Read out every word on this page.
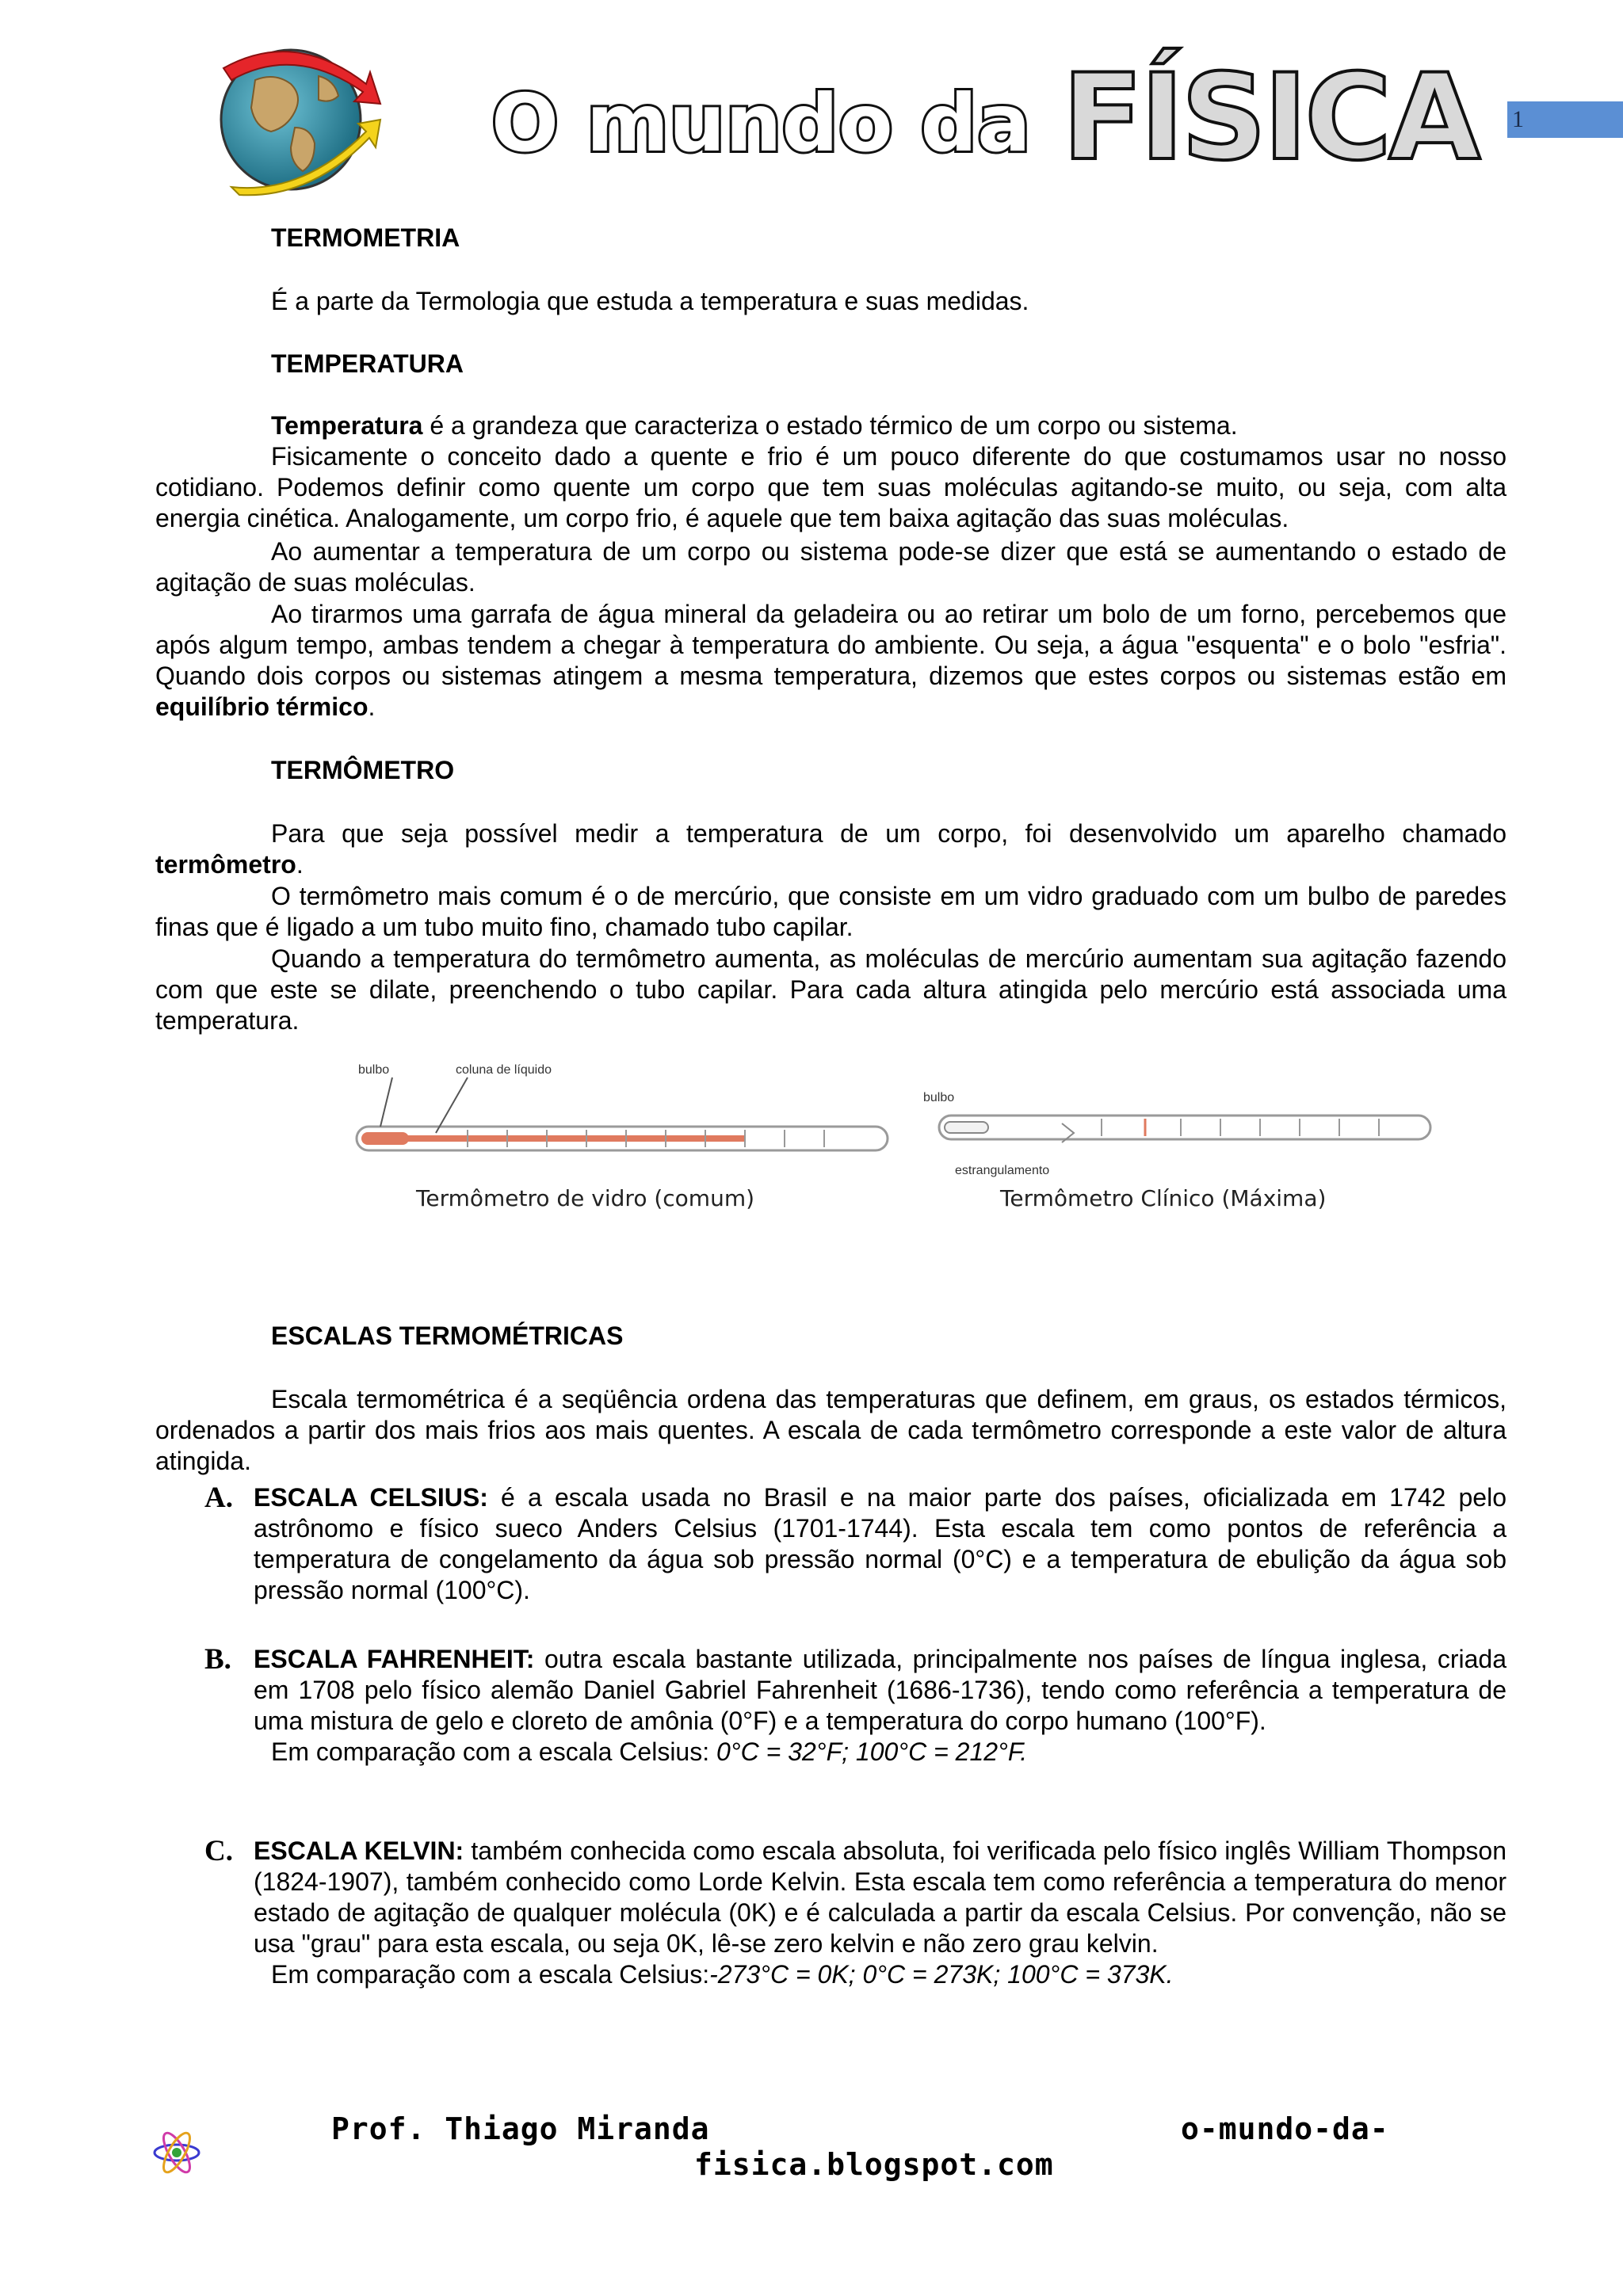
O mundo da FÍSICA 1
TERMOMETRIA
É a parte da Termologia que estuda a temperatura e suas medidas.
TEMPERATURA
Temperatura é a grandeza que caracteriza o estado térmico de um corpo ou sistema.
Fisicamente o conceito dado a quente e frio é um pouco diferente do que costumamos usar no nosso cotidiano. Podemos definir como quente um corpo que tem suas moléculas agitando-se muito, ou seja, com alta energia cinética. Analogamente, um corpo frio, é aquele que tem baixa agitação das suas moléculas.
Ao aumentar a temperatura de um corpo ou sistema pode-se dizer que está se aumentando o estado de agitação de suas moléculas.
Ao tirarmos uma garrafa de água mineral da geladeira ou ao retirar um bolo de um forno, percebemos que após algum tempo, ambas tendem a chegar à temperatura do ambiente. Ou seja, a água "esquenta" e o bolo "esfria". Quando dois corpos ou sistemas atingem a mesma temperatura, dizemos que estes corpos ou sistemas estão em equilíbrio térmico.
TERMÔMETRO
Para que seja possível medir a temperatura de um corpo, foi desenvolvido um aparelho chamado termômetro.
O termômetro mais comum é o de mercúrio, que consiste em um vidro graduado com um bulbo de paredes finas que é ligado a um tubo muito fino, chamado tubo capilar.
Quando a temperatura do termômetro aumenta, as moléculas de mercúrio aumentam sua agitação fazendo com que este se dilate, preenchendo o tubo capilar. Para cada altura atingida pelo mercúrio está associada uma temperatura.
bulbo	coluna de líquido
Termômetro de vidro (comum)
bulbo
estrangulamento
Termômetro Clínico (Máxima)
ESCALAS TERMOMÉTRICAS
Escala termométrica é a seqüência ordena das temperaturas que definem, em graus, os estados térmicos, ordenados a partir dos mais frios aos mais quentes. A escala de cada termômetro corresponde a este valor de altura atingida.
A. ESCALA CELSIUS: é a escala usada no Brasil e na maior parte dos países, oficializada em 1742 pelo astrônomo e físico sueco Anders Celsius (1701-1744). Esta escala tem como pontos de referência a temperatura de congelamento da água sob pressão normal (0°C) e a temperatura de ebulição da água sob pressão normal (100°C).
B. ESCALA FAHRENHEIT: outra escala bastante utilizada, principalmente nos países de língua inglesa, criada em 1708 pelo físico alemão Daniel Gabriel Fahrenheit (1686-1736), tendo como referência a temperatura de uma mistura de gelo e cloreto de amônia (0°F) e a temperatura do corpo humano (100°F).
Em comparação com a escala Celsius: 0°C = 32°F; 100°C = 212°F.
C. ESCALA KELVIN: também conhecida como escala absoluta, foi verificada pelo físico inglês William Thompson (1824-1907), também conhecido como Lorde Kelvin. Esta escala tem como referência a temperatura do menor estado de agitação de qualquer molécula (0K) e é calculada a partir da escala Celsius. Por convenção, não se usa "grau" para esta escala, ou seja 0K, lê-se zero kelvin e não zero grau kelvin.
Em comparação com a escala Celsius:-273°C = 0K; 0°C = 273K; 100°C = 373K.
Prof. Thiago Miranda	o-mundo-da-
fisica.blogspot.com
